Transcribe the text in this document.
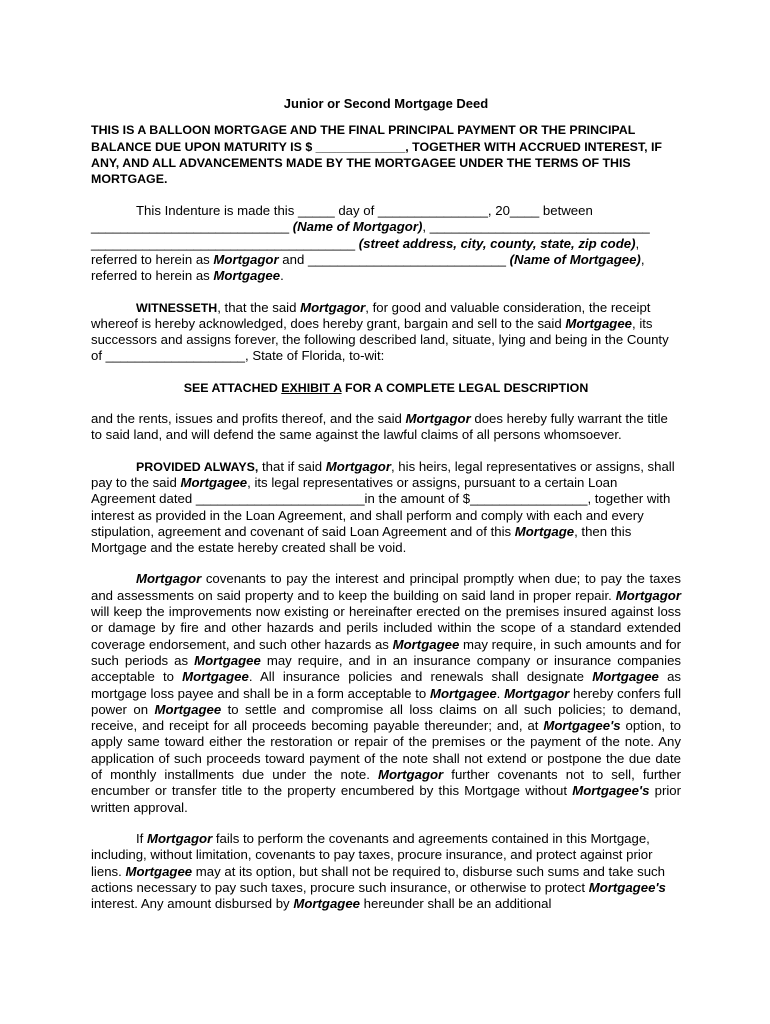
Junior or Second Mortgage Deed
THIS IS A BALLOON MORTGAGE AND THE FINAL PRINCIPAL PAYMENT OR THE PRINCIPAL BALANCE DUE UPON MATURITY IS $ _____________, TOGETHER WITH ACCRUED INTEREST, IF ANY, AND ALL ADVANCEMENTS MADE BY THE MORTGAGEE UNDER THE TERMS OF THIS MORTGAGE.

This Indenture is made this _____ day of _______________, 20____ between
___________________________ (Name of Mortgagor), ______________________________
____________________________________ (street address, city, county, state, zip code),
referred to herein as Mortgagor and ___________________________ (Name of Mortgagee),
referred to herein as Mortgagee.

WITNESSETH, that the said Mortgagor, for good and valuable consideration, the receipt whereof is hereby acknowledged, does hereby grant, bargain and sell to the said Mortgagee, its successors and assigns forever, the following described land, situate, lying and being in the County of ___________________, State of Florida, to-wit:

SEE ATTACHED EXHIBIT A FOR A COMPLETE LEGAL DESCRIPTION

and the rents, issues and profits thereof, and the said Mortgagor does hereby fully warrant the title to said land, and will defend the same against the lawful claims of all persons whomsoever.

PROVIDED ALWAYS, that if said Mortgagor, his heirs, legal representatives or assigns, shall pay to the said Mortgagee, its legal representatives or assigns, pursuant to a certain Loan Agreement dated _______________________in the amount of $________________, together with interest as provided in the Loan Agreement, and shall perform and comply with each and every stipulation, agreement and covenant of said Loan Agreement and of this Mortgage, then this Mortgage and the estate hereby created shall be void.

Mortgagor covenants to pay the interest and principal promptly when due; to pay the taxes and assessments on said property and to keep the building on said land in proper repair. Mortgagor will keep the improvements now existing or hereinafter erected on the premises insured against loss or damage by fire and other hazards and perils included within the scope of a standard extended coverage endorsement, and such other hazards as Mortgagee may require, in such amounts and for such periods as Mortgagee may require, and in an insurance company or insurance companies acceptable to Mortgagee. All insurance policies and renewals shall designate Mortgagee as mortgage loss payee and shall be in a form acceptable to Mortgagee. Mortgagor hereby confers full power on Mortgagee to settle and compromise all loss claims on all such policies; to demand, receive, and receipt for all proceeds becoming payable thereunder; and, at Mortgagee's option, to apply same toward either the restoration or repair of the premises or the payment of the note. Any application of such proceeds toward payment of the note shall not extend or postpone the due date of monthly installments due under the note. Mortgagor further covenants not to sell, further encumber or transfer title to the property encumbered by this Mortgage without Mortgagee's prior written approval.

If Mortgagor fails to perform the covenants and agreements contained in this Mortgage, including, without limitation, covenants to pay taxes, procure insurance, and protect against prior liens. Mortgagee may at its option, but shall not be required to, disburse such sums and take such actions necessary to pay such taxes, procure such insurance, or otherwise to protect Mortgagee's interest. Any amount disbursed by Mortgagee hereunder shall be an additional
